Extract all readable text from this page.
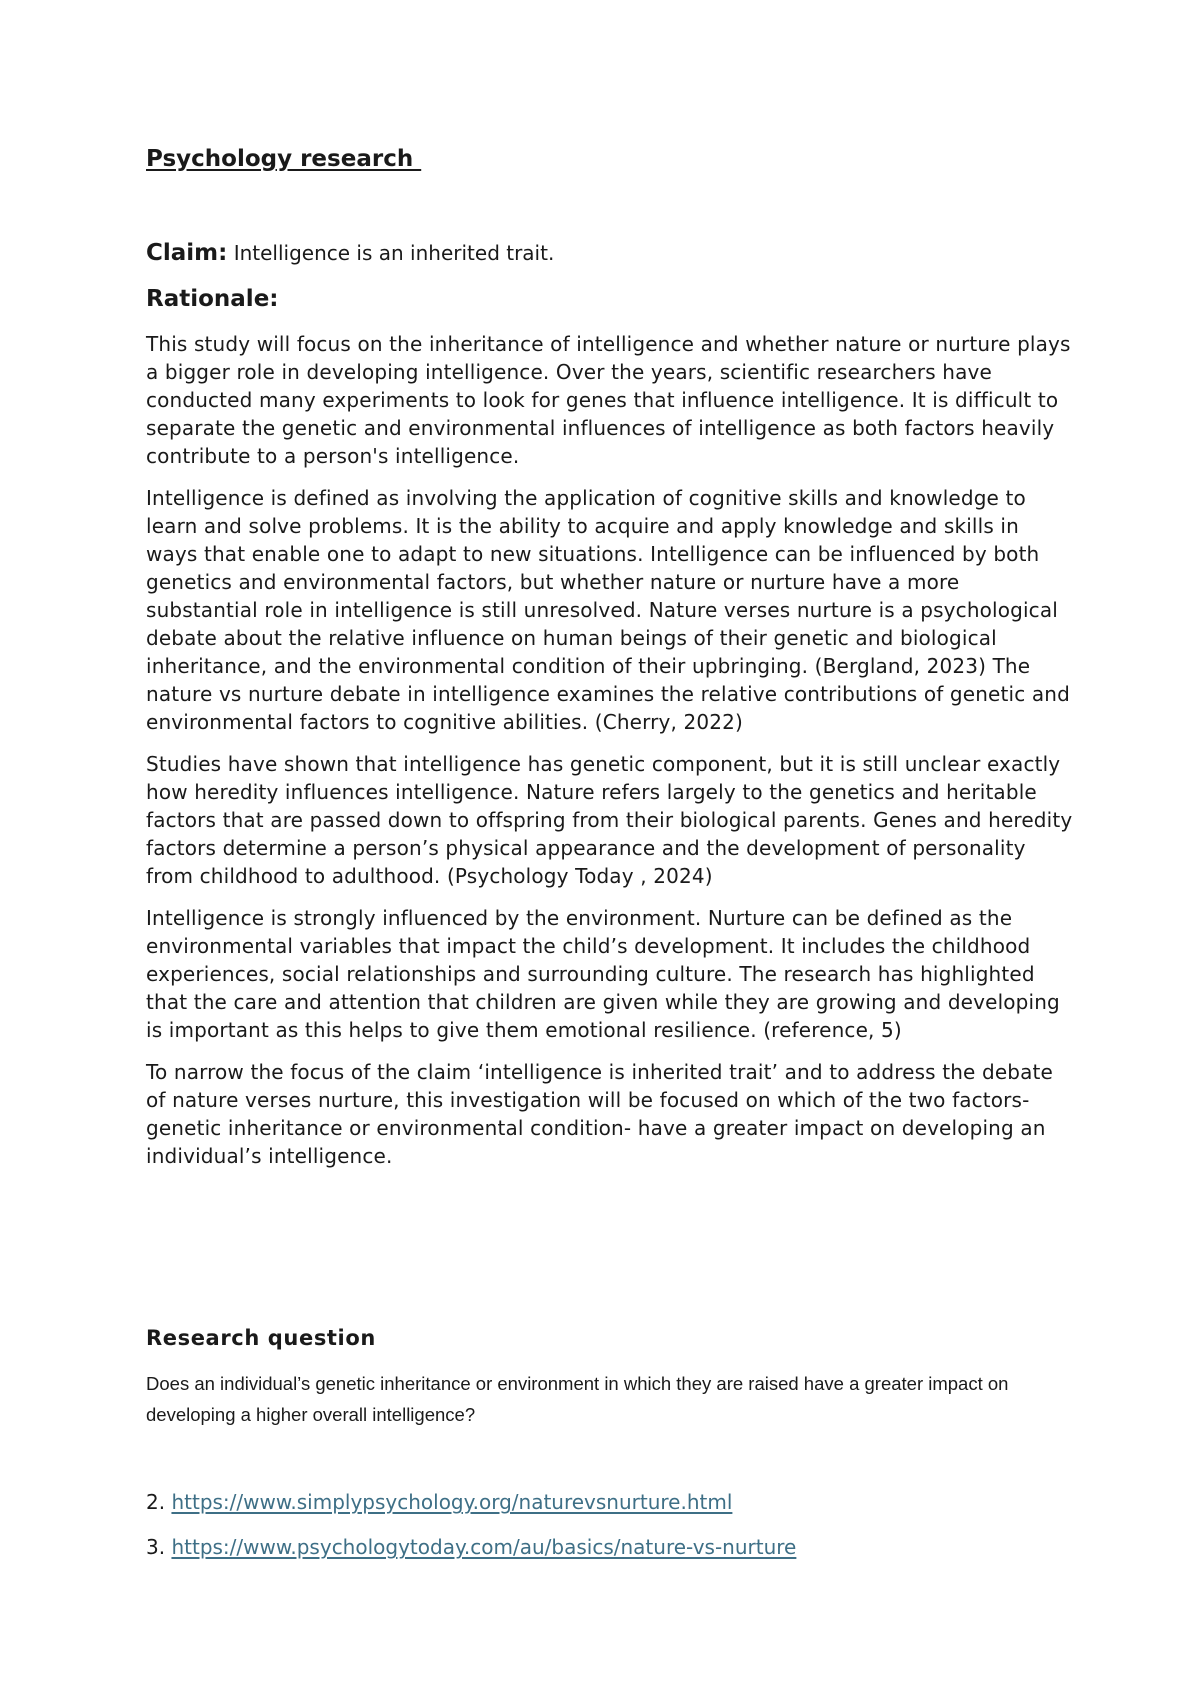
Psychology research

Claim: Intelligence is an inherited trait.

Rationale:

This study will focus on the inheritance of intelligence and whether nature or nurture plays a bigger role in developing intelligence. Over the years, scientific researchers have conducted many experiments to look for genes that influence intelligence. It is difficult to separate the genetic and environmental influences of intelligence as both factors heavily contribute to a person's intelligence.

Intelligence is defined as involving the application of cognitive skills and knowledge to learn and solve problems. It is the ability to acquire and apply knowledge and skills in ways that enable one to adapt to new situations. Intelligence can be influenced by both genetics and environmental factors, but whether nature or nurture have a more substantial role in intelligence is still unresolved. Nature verses nurture is a psychological debate about the relative influence on human beings of their genetic and biological inheritance, and the environmental condition of their upbringing. (Bergland, 2023) The nature vs nurture debate in intelligence examines the relative contributions of genetic and environmental factors to cognitive abilities. (Cherry, 2022)

Studies have shown that intelligence has genetic component, but it is still unclear exactly how heredity influences intelligence. Nature refers largely to the genetics and heritable factors that are passed down to offspring from their biological parents. Genes and heredity factors determine a person’s physical appearance and the development of personality from childhood to adulthood. (Psychology Today , 2024)

Intelligence is strongly influenced by the environment. Nurture can be defined as the environmental variables that impact the child’s development. It includes the childhood experiences, social relationships and surrounding culture. The research has highlighted that the care and attention that children are given while they are growing and developing is important as this helps to give them emotional resilience. (reference, 5)

To narrow the focus of the claim ‘intelligence is inherited trait’ and to address the debate of nature verses nurture, this investigation will be focused on which of the two factors- genetic inheritance or environmental condition- have a greater impact on developing an individual’s intelligence.

Research question

Does an individual’s genetic inheritance or environment in which they are raised have a greater impact on developing a higher overall intelligence?

2. https://www.simplypsychology.org/naturevsnurture.html

3. https://www.psychologytoday.com/au/basics/nature-vs-nurture
